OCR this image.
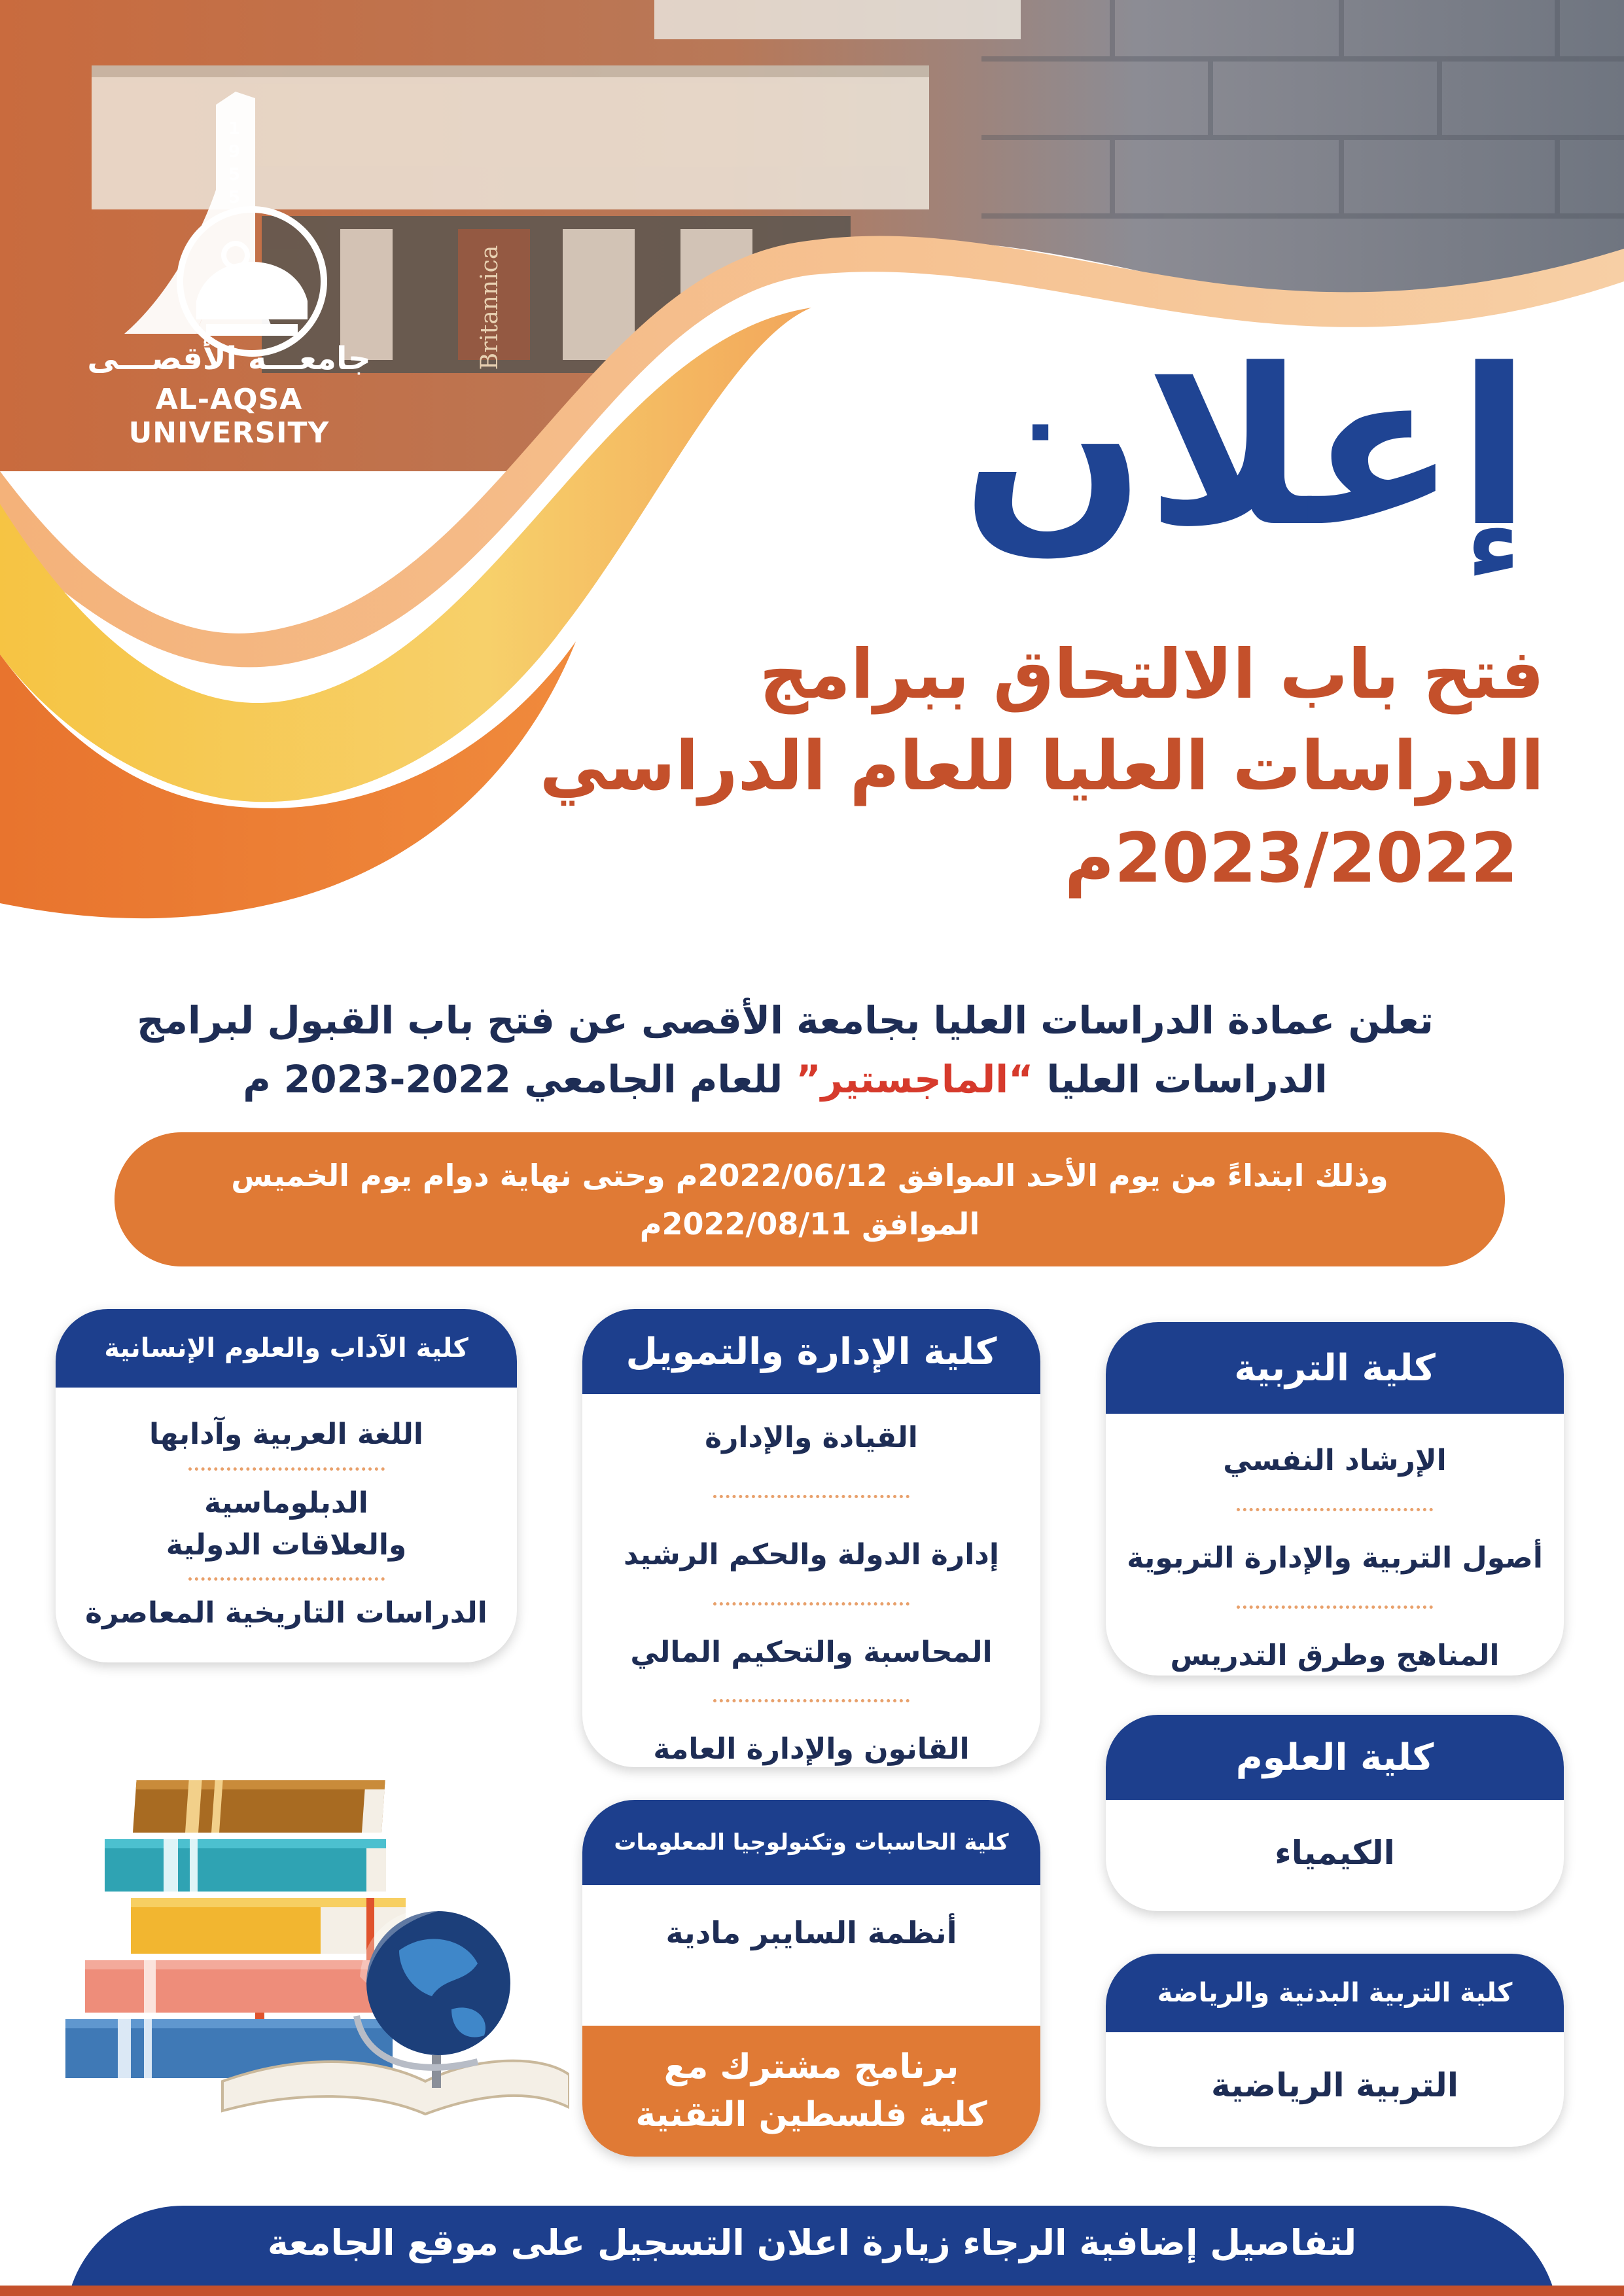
Britannica
1
9
5
5
جامعـــة الأقصـــى
AL-AQSA UNIVERSITY	إعلان
فتح باب الالتحاق ببرامج
الدراسات العليا للعام الدراسي
2023/2022م
تعلن عمادة الدراسات العليا بجامعة الأقصى عن فتح باب القبول لبرامج
الدراسات العليا “الماجستير” للعام الجامعي 2022-2023 م
وذلك ابتداءً من يوم الأحد الموافق 2022/06/12م وحتى نهاية دوام يوم الخميس
الموافق 2022/08/11م
كلية التربية
الإرشاد النفسي
أصول التربية والإدارة التربوية
المناهج وطرق التدريس
كلية الإدارة والتمويل
القيادة والإدارة
إدارة الدولة والحكم الرشيد
المحاسبة والتحكيم المالي
القانون والإدارة العامة
كلية الآداب والعلوم الإنسانية
اللغة العربية وآدابها
الدبلوماسية والعلاقات الدولية
الدراسات التاريخية المعاصرة
كلية العلوم
الكيمياء
كلية الحاسبات وتكنولوجيا المعلومات
أنظمة السايبر مادية
برنامج مشترك مع
كلية فلسطين التقنية
كلية التربية البدنية والرياضة
التربية الرياضية
لتفاصيل إضافية الرجاء زيارة اعلان التسجيل على موقع الجامعة
